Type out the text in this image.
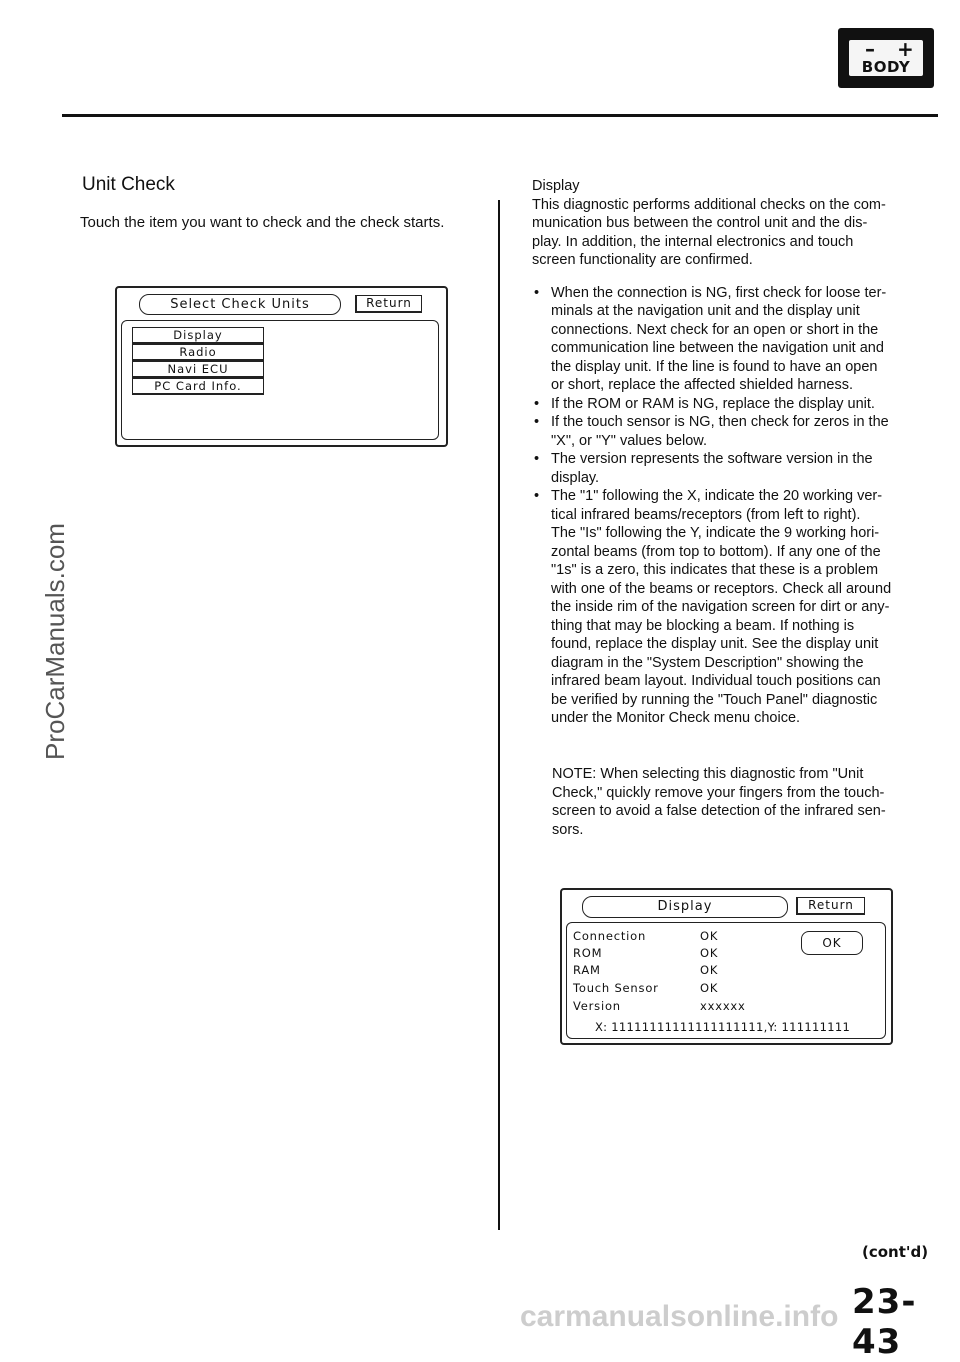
– +
BODY
ProCarManuals.com
Unit Check
Touch the item you want to check and the check starts.
Select Check Units	Return
Display
Radio
Navi ECU
PC Card Info.
Display
This diagnostic performs additional checks on the com-
munication bus between the control unit and the dis-
play. In addition, the internal electronics and touch
screen functionality are confirmed.
• When the connection is NG, first check for loose ter-
minals at the navigation unit and the display unit
connections. Next check for an open or short in the
communication line between the navigation unit and
the display unit. If the line is found to have an open
or short, replace the affected shielded harness.
• If the ROM or RAM is NG, replace the display unit.
• If the touch sensor is NG, then check for zeros in the
"X", or "Y" values below.
• The version represents the software version in the
display.
• The "1" following the X, indicate the 20 working ver-
tical infrared beams/receptors (from left to right).
The "Is" following the Y, indicate the 9 working hori-
zontal beams (from top to bottom). If any one of the
"1s" is a zero, this indicates that these is a problem
with one of the beams or receptors. Check all around
the inside rim of the navigation screen for dirt or any-
thing that may be blocking a beam. If nothing is
found, replace the display unit. See the display unit
diagram in the "System Description" showing the
infrared beam layout. Individual touch positions can
be verified by running the "Touch Panel" diagnostic
under the Monitor Check menu choice.
NOTE: When selecting this diagnostic from "Unit
Check," quickly remove your fingers from the touch-
screen to avoid a false detection of the infrared sen-
sors.
Display	Return
Connection	OK
ROM	OK
RAM	OK
Touch Sensor	OK
Version	xxxxxx
X: 11111111111111111111,Y: 111111111
OK
(cont'd)
carmanualsonline.info 23-43
